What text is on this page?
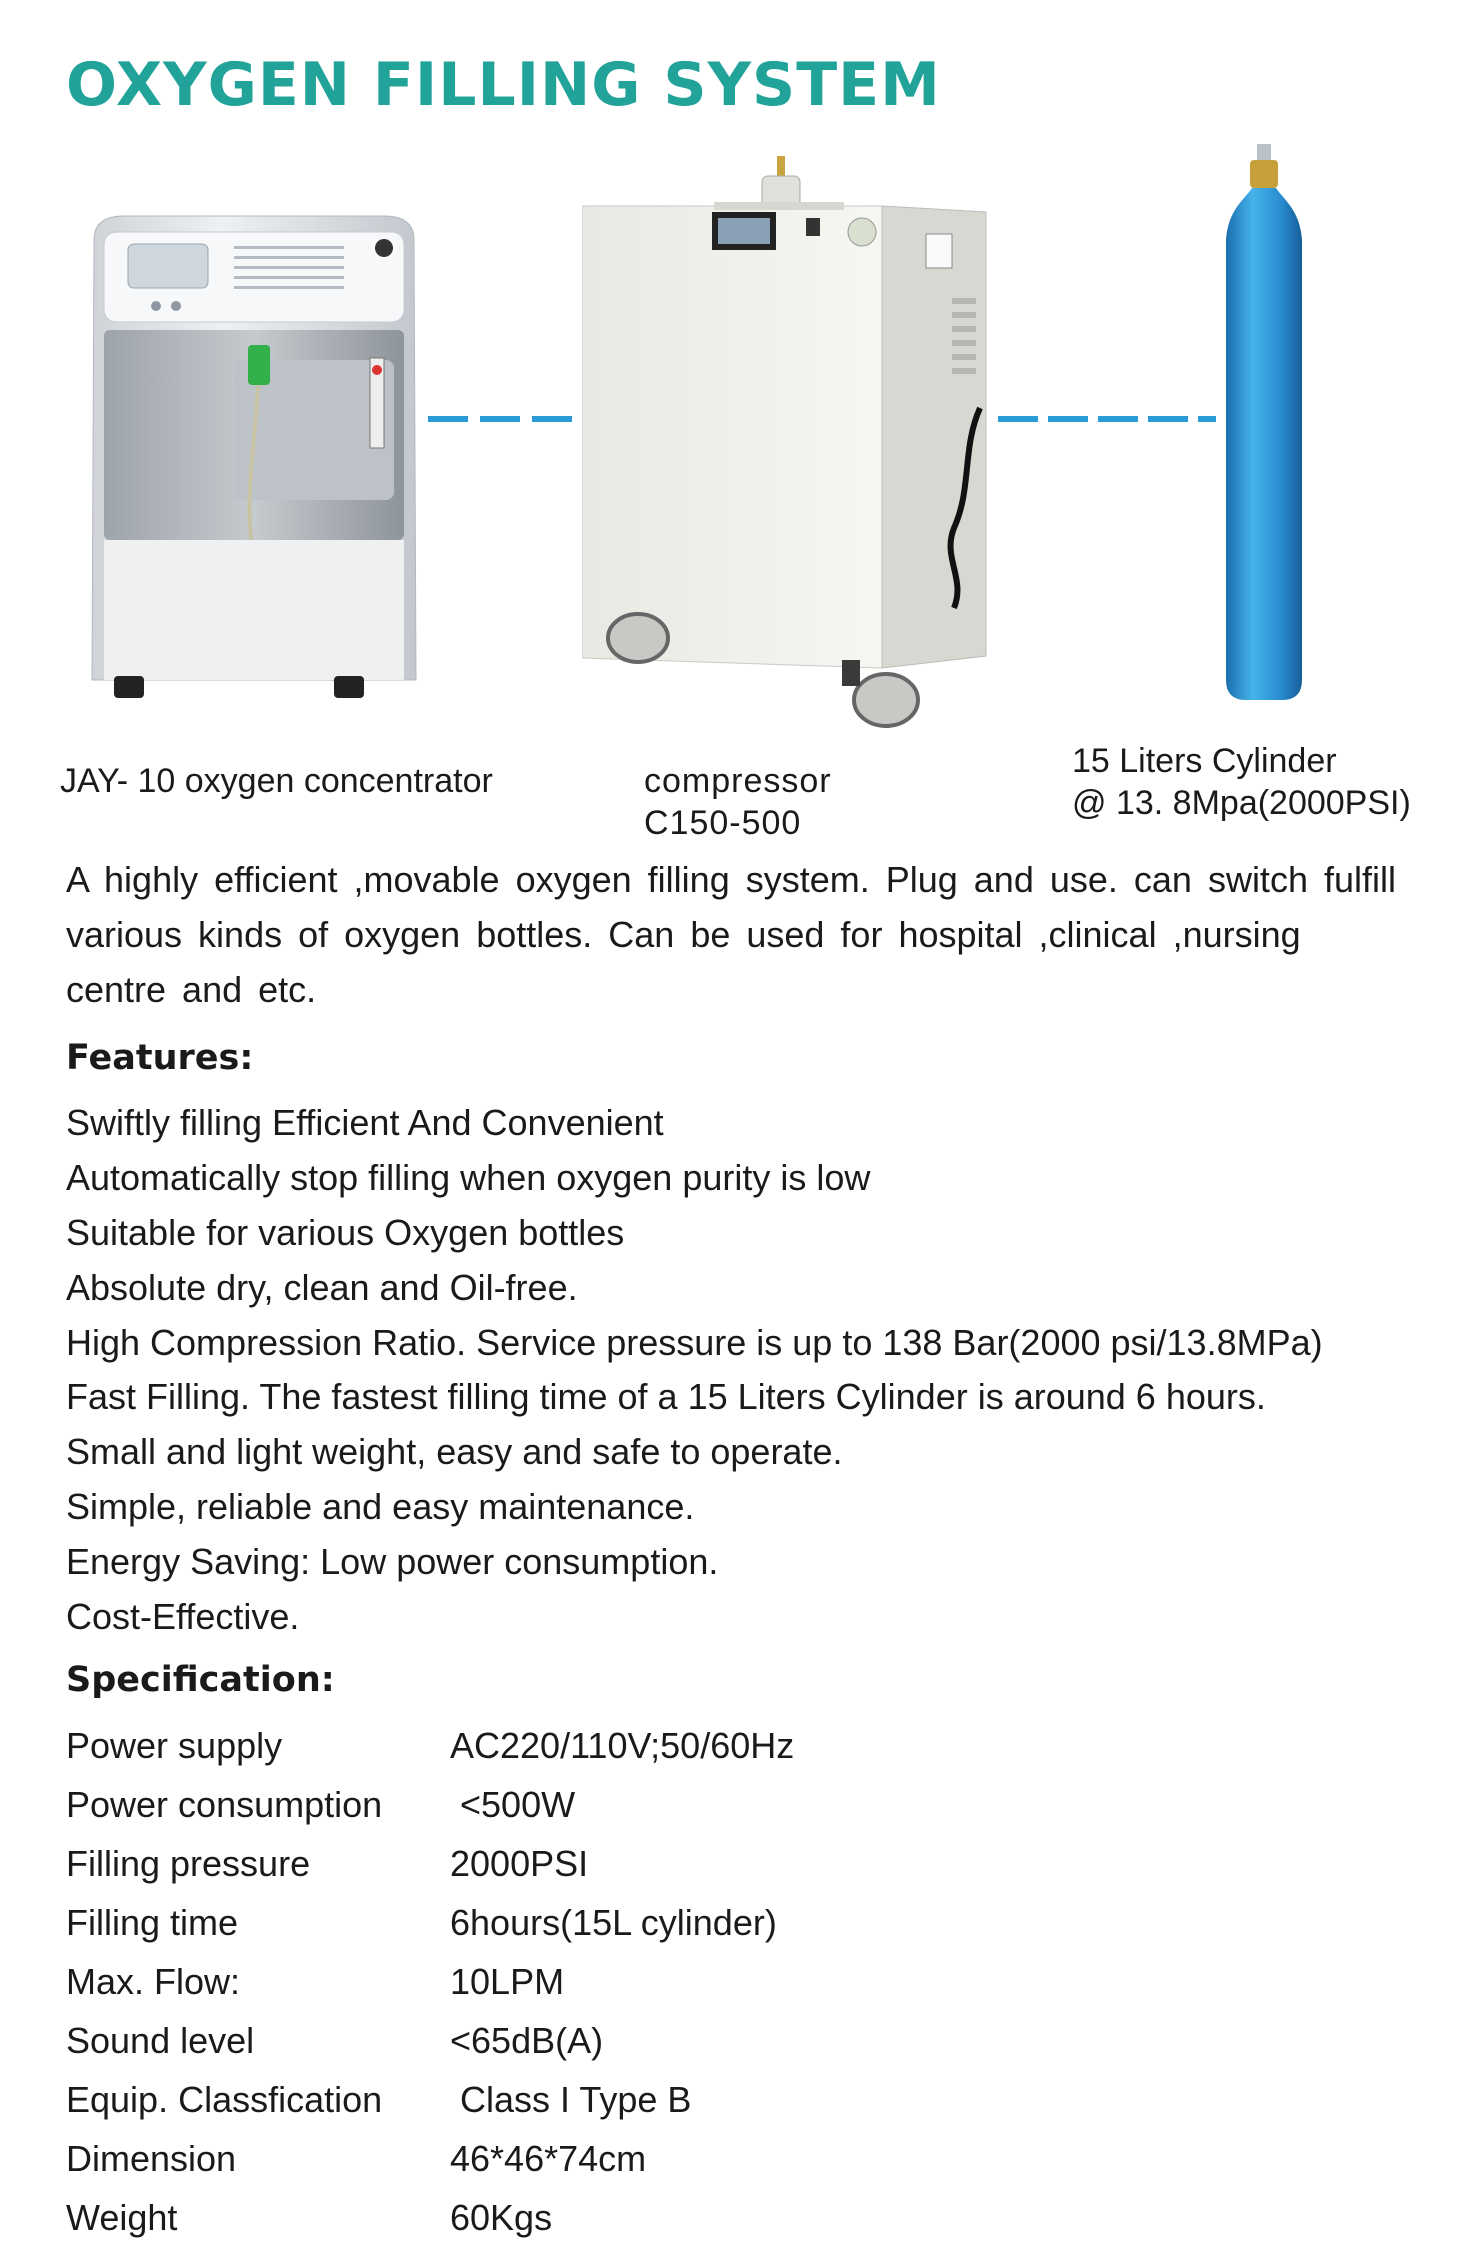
OXYGEN FILLING SYSTEM
JAY- 10 oxygen concentrator	compressor
C150-500
15 Liters Cylinder
@ 13. 8Mpa(2000PSI)

A highly efficient ,movable oxygen filling system. Plug and use. can switch fulfill various kinds of oxygen bottles. Can be used for hospital ,clinical ,nursing centre and etc.

Features:
Swiftly filling Efficient And Convenient
Automatically stop filling when oxygen purity is low
Suitable for various Oxygen bottles
Absolute dry, clean and Oil-free.
High Compression Ratio. Service pressure is up to 138 Bar(2000 psi/13.8MPa)
Fast Filling. The fastest filling time of a 15 Liters Cylinder is around 6 hours.
Small and light weight, easy and safe to operate.
Simple, reliable and easy maintenance.
Energy Saving: Low power consumption.
Cost-Effective.
Specification:
Power supply	AC220/110V;50/60Hz
Power consumption	<500W
Filling pressure	2000PSI
Filling time	6hours(15L cylinder)
Max. Flow:	10LPM
Sound level	<65dB(A)
Equip. Classfication	Class I Type B
Dimension	46*46*74cm
Weight	60Kgs
